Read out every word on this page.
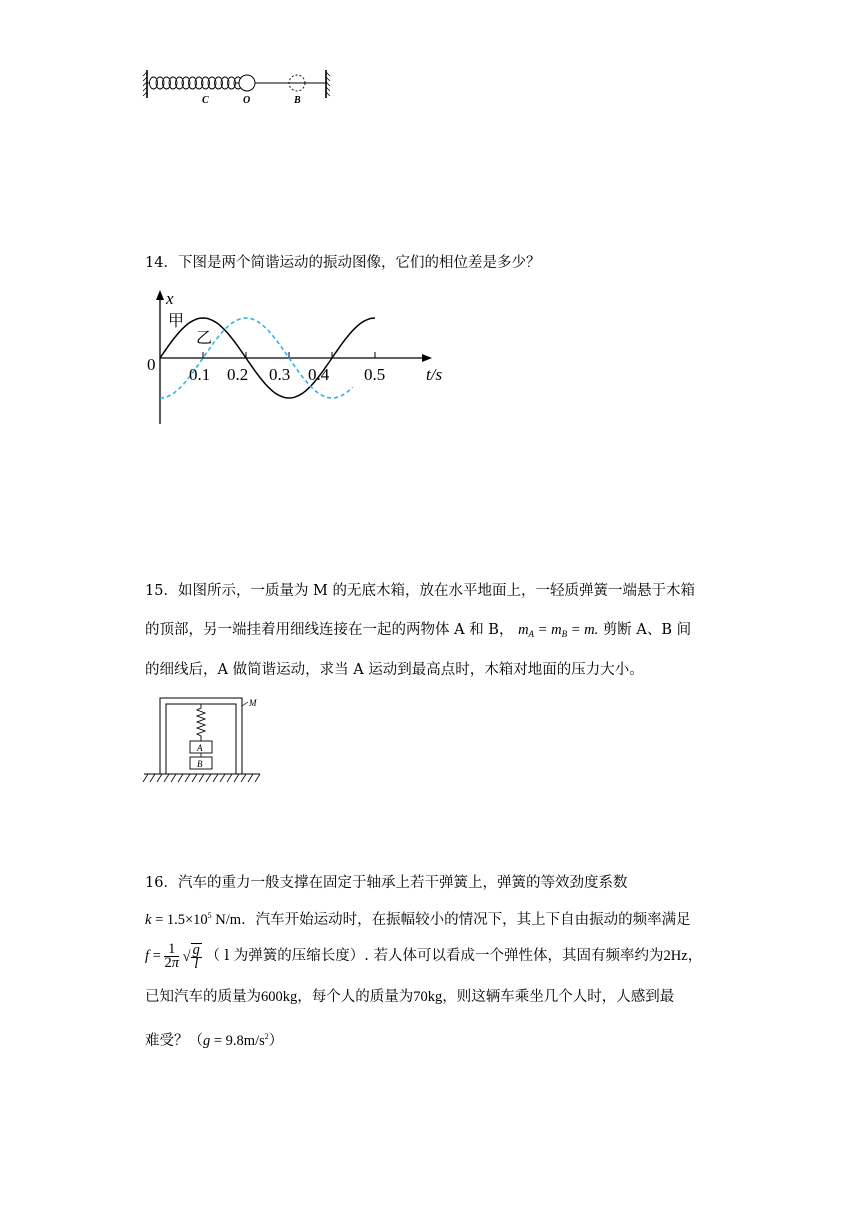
C	O	B
14．下图是两个简谐运动的振动图像，它们的相位差是多少？
x
甲
乙
0
0.1 0.2 0.3 0.4 0.5 t/s
15．如图所示，一质量为 M 的无底木箱，放在水平地面上，一轻质弹簧一端悬于木箱
的顶部，另一端挂着用细线连接在一起的两物体 A 和 B， $m_A = m_B = m$. 剪断 A、B 间
的细线后，A 做简谐运动，求当 A 运动到最高点时，木箱对地面的压力大小。
M
A
B
16．汽车的重力一般支撑在固定于轴承上若干弹簧上，弹簧的等效劲度系数
$k = 1.5\times 10^5$ N/m．汽车开始运动时，在振幅较小的情况下，其上下自由振动的频率满足
$f = \frac{1}{2\pi}$ √ $\frac{g}{l}$ （ l 为弹簧的压缩长度）. 若人体可以看成一个弹性体，其固有频率约为2Hz，
已知汽车的质量为600kg，每个人的质量为70kg，则这辆车乘坐几个人时，人感到最
难受？$(g = 9.8m/s^2)$
